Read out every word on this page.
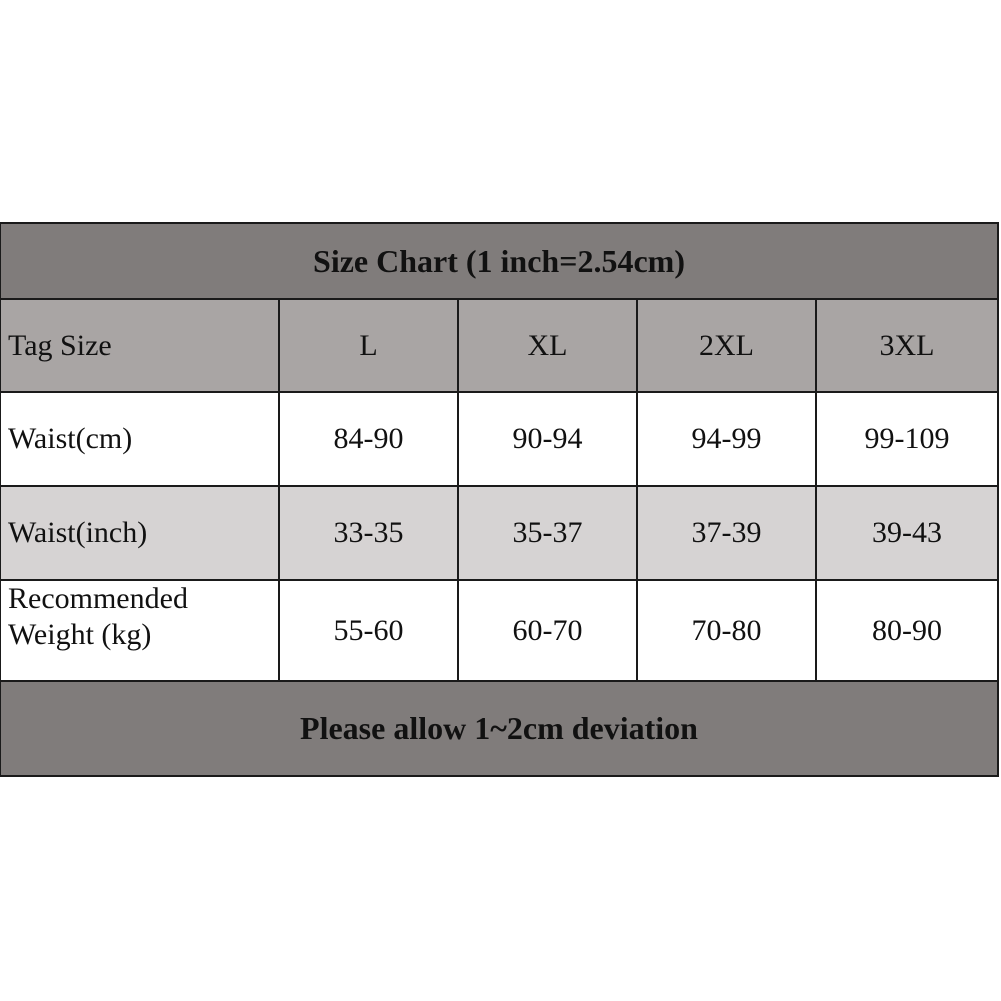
Size Chart (1 inch=2.54cm)
Tag Size	L	XL	2XL	3XL
Waist(cm)	84-90	90-94	94-99	99-109
Waist(inch)	33-35	35-37	37-39	39-43
Recommended
Weight (kg)	55-60	60-70	70-80	80-90
Please allow 1~2cm deviation
